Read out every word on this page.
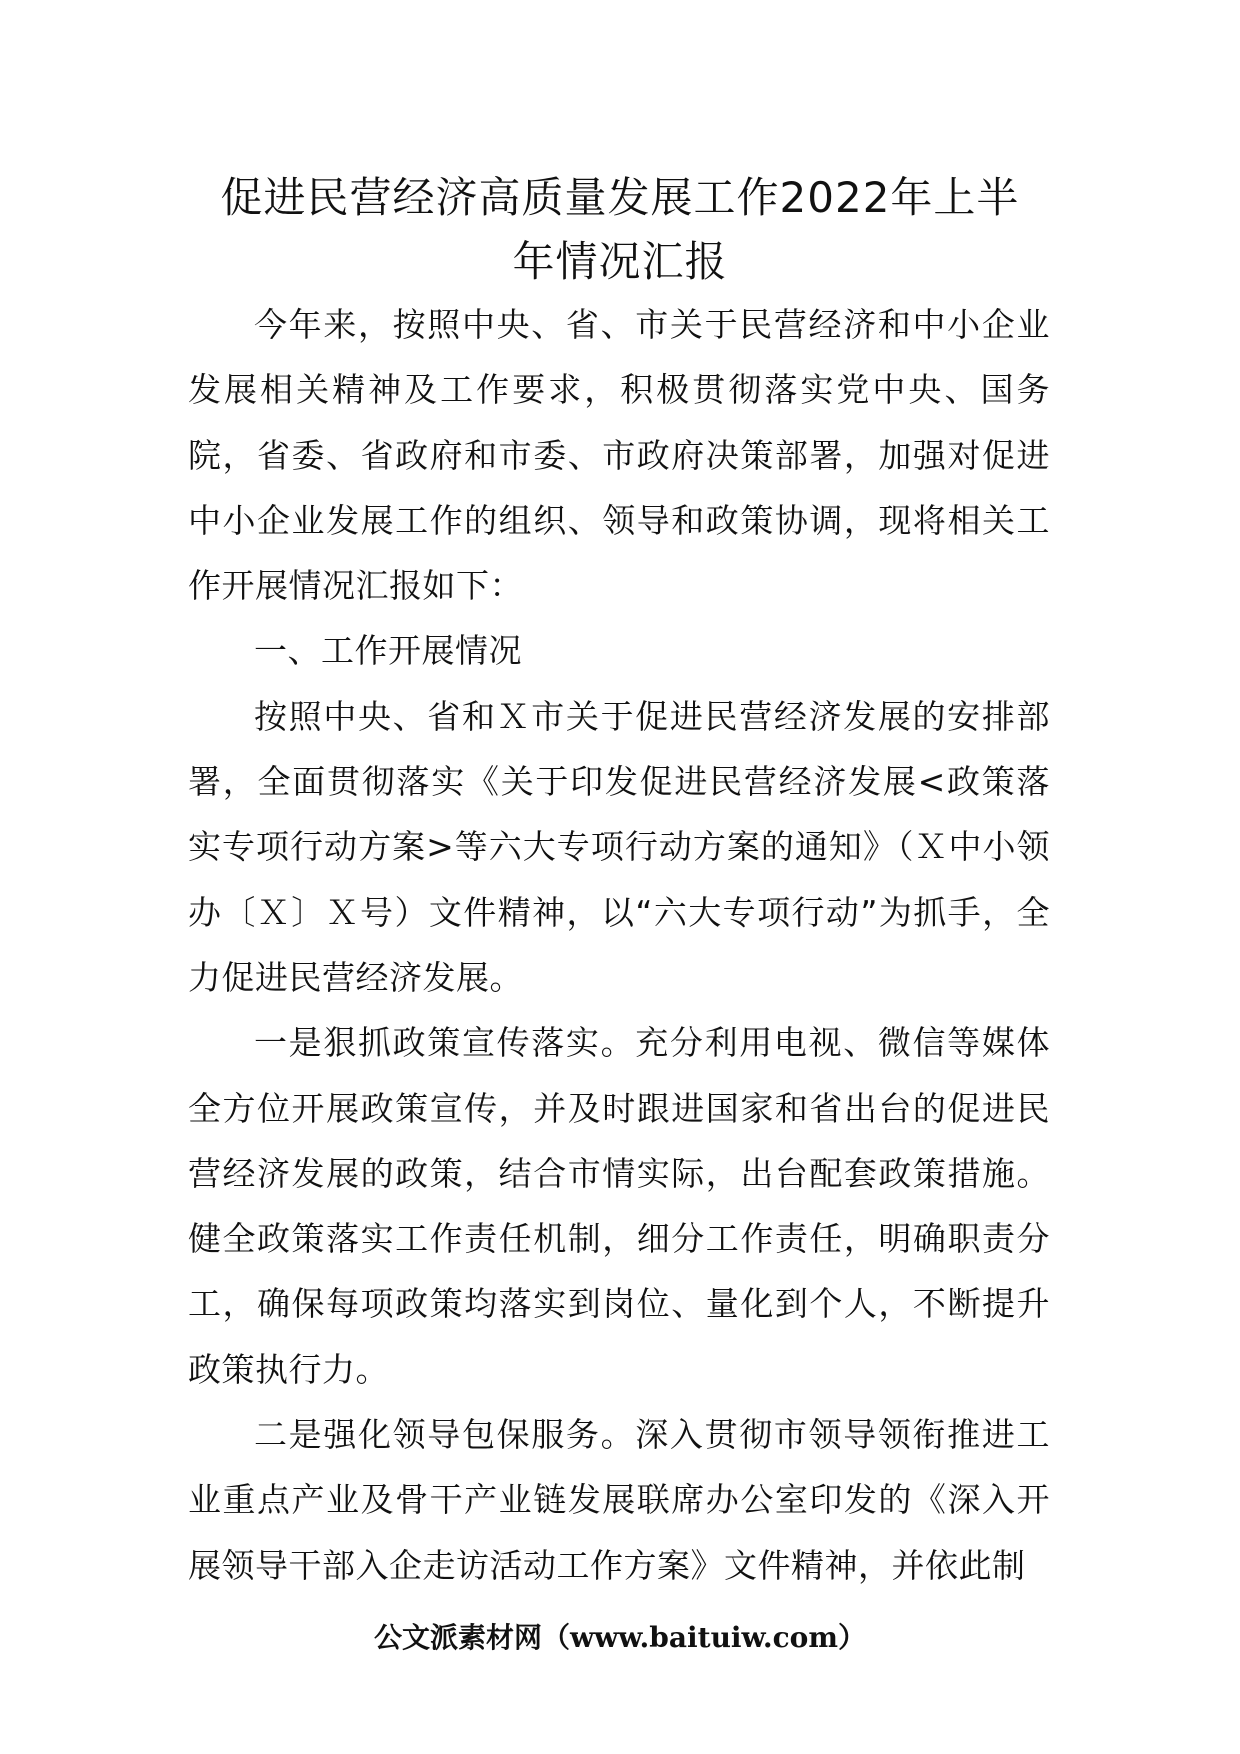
促进民营经济高质量发展工作2022年上半
年情况汇报

今年来，按照中央、省、市关于民营经济和中小企业发展相关精神及工作要求，积极贯彻落实党中央、国务院，省委、省政府和市委、市政府决策部署，加强对促进中小企业发展工作的组织、领导和政策协调，现将相关工作开展情况汇报如下：

一、工作开展情况

按照中央、省和Ｘ市关于促进民营经济发展的安排部署，全面贯彻落实《关于印发促进民营经济发展<政策落实专项行动方案>等六大专项行动方案的通知》（Ｘ中小领办〔Ｘ〕Ｘ号）文件精神，以“六大专项行动”为抓手，全力促进民营经济发展。

一是狠抓政策宣传落实。充分利用电视、微信等媒体全方位开展政策宣传，并及时跟进国家和省出台的促进民营经济发展的政策，结合市情实际，出台配套政策措施。健全政策落实工作责任机制，细分工作责任，明确职责分工，确保每项政策均落实到岗位、量化到个人，不断提升政策执行力。

二是强化领导包保服务。深入贯彻市领导领衔推进工业重点产业及骨干产业链发展联席办公室印发的《深入开展领导干部入企走访活动工作方案》文件精神，并依此制

公文派素材网（www.baituiw.com）
